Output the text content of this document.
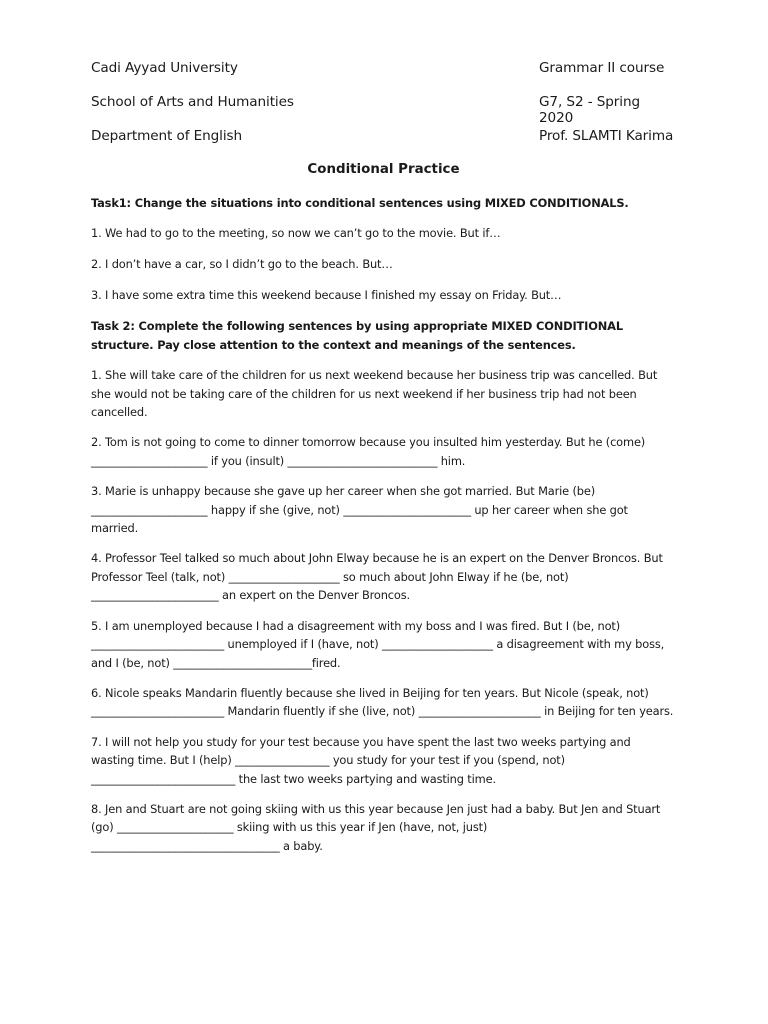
Cadi Ayyad University	Grammar II course
School of Arts and Humanities	G7, S2 - Spring 2020
Department of English	Prof. SLAMTI Karima
Conditional Practice

Task1: Change the situations into conditional sentences using MIXED CONDITIONALS.

1. We had to go to the meeting, so now we can’t go to the movie. But if…

2. I don’t have a car, so I didn’t go to the beach. But…

3. I have some extra time this weekend because I finished my essay on Friday. But…

Task 2: Complete the following sentences by using appropriate MIXED CONDITIONAL structure. Pay close attention to the context and meanings of the sentences.

1. She will take care of the children for us next weekend because her business trip was cancelled. But she would not be taking care of the children for us next weekend if her business trip had not been cancelled.

2. Tom is not going to come to dinner tomorrow because you insulted him yesterday. But he (come) _____________________ if you (insult) ___________________________ him.

3. Marie is unhappy because she gave up her career when she got married. But Marie (be) _____________________ happy if she (give, not) _______________________ up her career when she got married.

4. Professor Teel talked so much about John Elway because he is an expert on the Denver Broncos. But Professor Teel (talk, not) ____________________ so much about John Elway if he (be, not) _______________________ an expert on the Denver Broncos.

5. I am unemployed because I had a disagreement with my boss and I was fired. But I (be, not) ________________________ unemployed if I (have, not) ____________________ a disagreement with my boss, and I (be, not) _________________________fired.

6. Nicole speaks Mandarin fluently because she lived in Beijing for ten years. But Nicole (speak, not) ________________________ Mandarin fluently if she (live, not) ______________________ in Beijing for ten years.

7. I will not help you study for your test because you have spent the last two weeks partying and wasting time. But I (help) _________________ you study for your test if you (spend, not) __________________________ the last two weeks partying and wasting time.

8. Jen and Stuart are not going skiing with us this year because Jen just had a baby. But Jen and Stuart (go) _____________________ skiing with us this year if Jen (have, not, just) __________________________________ a baby.
